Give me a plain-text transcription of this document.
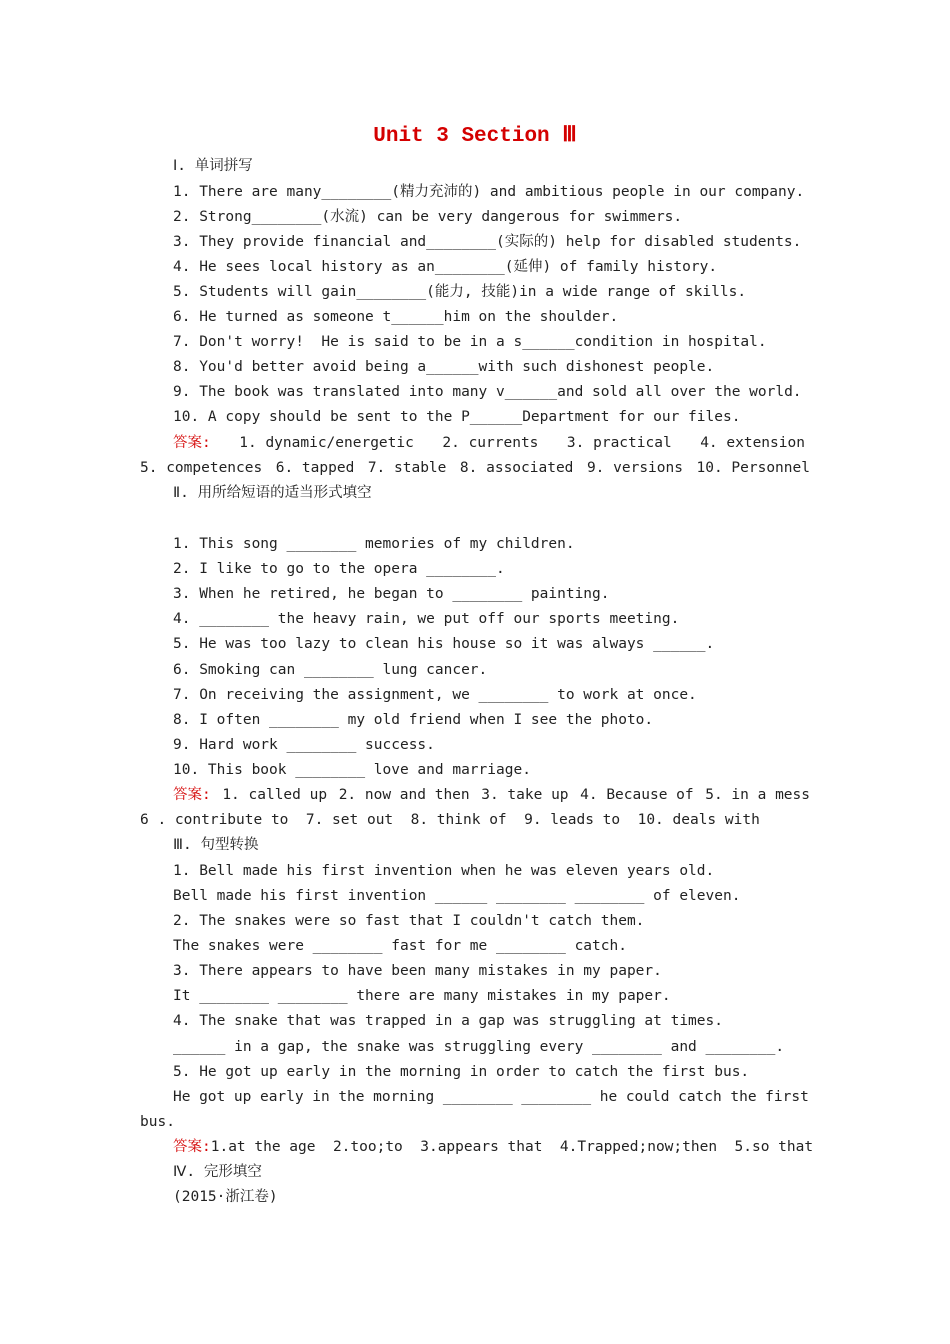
Unit 3 Section Ⅲ
Ⅰ. 单词拼写
1. There are many________(精力充沛的) and ambitious people in our company.
2. Strong________(水流) can be very dangerous for swimmers.
3. They provide financial and________(实际的) help for disabled students.
4. He sees local history as an________(延伸) of family history.
5. Students will gain________(能力, 技能)in a wide range of skills.
6. He turned as someone t______him on the shoulder.
7. Don't worry!  He is said to be in a s______condition in hospital.
8. You'd better avoid being a______with such dishonest people.
9. The book was translated into many v______and sold all over the world.
10. A copy should be sent to the P______Department for our files.
答案: 1. dynamic/energetic 2. currents 3. practical 4. extension
5. competences 6. tapped 7. stable 8. associated 9. versions 10. Personnel
Ⅱ. 用所给短语的适当形式填空
1. This song ________ memories of my children.
2. I like to go to the opera ________.
3. When he retired, he began to ________ painting.
4. ________ the heavy rain, we put off our sports meeting.
5. He was too lazy to clean his house so it was always ______.
6. Smoking can ________ lung cancer.
7. On receiving the assignment, we ________ to work at once.
8. I often ________ my old friend when I see the photo.
9. Hard work ________ success.
10. This book ________ love and marriage.
答案: 1. called up 2. now and then 3. take up 4. Because of 5. in a mess
6 . contribute to  7. set out  8. think of  9. leads to  10. deals with
Ⅲ. 句型转换
1. Bell made his first invention when he was eleven years old.
Bell made his first invention ______ ________ ________ of eleven.
2. The snakes were so fast that I couldn't catch them.
The snakes were ________ fast for me ________ catch.
3. There appears to have been many mistakes in my paper.
It ________ ________ there are many mistakes in my paper.
4. The snake that was trapped in a gap was struggling at times.
______ in a gap, the snake was struggling every ________ and ________.
5. He got up early in the morning in order to catch the first bus.
He got up early in the morning ________ ________ he could catch the first
bus.
答案:1.at the age  2.too;to  3.appears that  4.Trapped;now;then  5.so that
Ⅳ. 完形填空
(2015·浙江卷)
